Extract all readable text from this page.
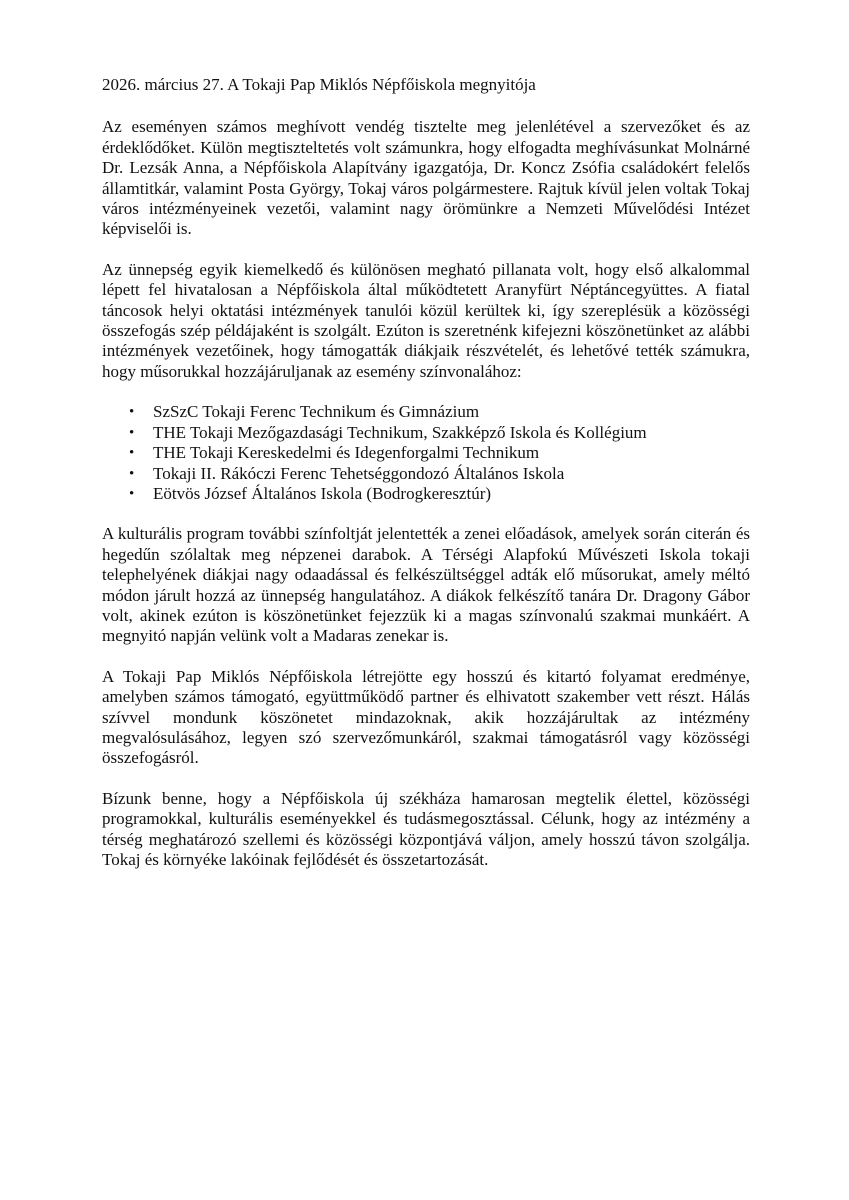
2026. március 27. A Tokaji Pap Miklós Népfőiskola megnyitója

Az eseményen számos meghívott vendég tisztelte meg jelenlétével a szervezőket és az érdeklődőket. Külön megtiszteltetés volt számunkra, hogy elfogadta meghívásunkat Molnárné Dr. Lezsák Anna, a Népfőiskola Alapítvány igazgatója, Dr. Koncz Zsófia családokért felelős államtitkár, valamint Posta György, Tokaj város polgármestere. Rajtuk kívül jelen voltak Tokaj város intézményeinek vezetői, valamint nagy örömünkre a Nemzeti Művelődési Intézet képviselői is.

Az ünnepség egyik kiemelkedő és különösen megható pillanata volt, hogy első alkalommal lépett fel hivatalosan a Népfőiskola által működtetett Aranyfürt Néptáncegyüttes. A fiatal táncosok helyi oktatási intézmények tanulói közül kerültek ki, így szereplésük a közösségi összefogás szép példájaként is szolgált. Ezúton is szeretnénk kifejezni köszönetünket az alábbi intézmények vezetőinek, hogy támogatták diákjaik részvételét, és lehetővé tették számukra, hogy műsorukkal hozzájáruljanak az esemény színvonalához:

• SzSzC Tokaji Ferenc Technikum és Gimnázium
• THE Tokaji Mezőgazdasági Technikum, Szakképző Iskola és Kollégium
• THE Tokaji Kereskedelmi és Idegenforgalmi Technikum
• Tokaji II. Rákóczi Ferenc Tehetséggondozó Általános Iskola
• Eötvös József Általános Iskola (Bodrogkeresztúr)

A kulturális program további színfoltját jelentették a zenei előadások, amelyek során citerán és hegedűn szólaltak meg népzenei darabok. A Térségi Alapfokú Művészeti Iskola tokaji telephelyének diákjai nagy odaadással és felkészültséggel adták elő műsorukat, amely méltó módon járult hozzá az ünnepség hangulatához. A diákok felkészítő tanára Dr. Dragony Gábor volt, akinek ezúton is köszönetünket fejezzük ki a magas színvonalú szakmai munkáért. A megnyitó napján velünk volt a Madaras zenekar is.

A Tokaji Pap Miklós Népfőiskola létrejötte egy hosszú és kitartó folyamat eredménye, amelyben számos támogató, együttműködő partner és elhivatott szakember vett részt. Hálás szívvel mondunk köszönetet mindazoknak, akik hozzájárultak az intézmény megvalósulásához, legyen szó szervezőmunkáról, szakmai támogatásról vagy közösségi összefogásról.

Bízunk benne, hogy a Népfőiskola új székháza hamarosan megtelik élettel, közösségi programokkal, kulturális eseményekkel és tudásmegosztással. Célunk, hogy az intézmény a térség meghatározó szellemi és közösségi központjává váljon, amely hosszú távon szolgálja. Tokaj és környéke lakóinak fejlődését és összetartozását.
